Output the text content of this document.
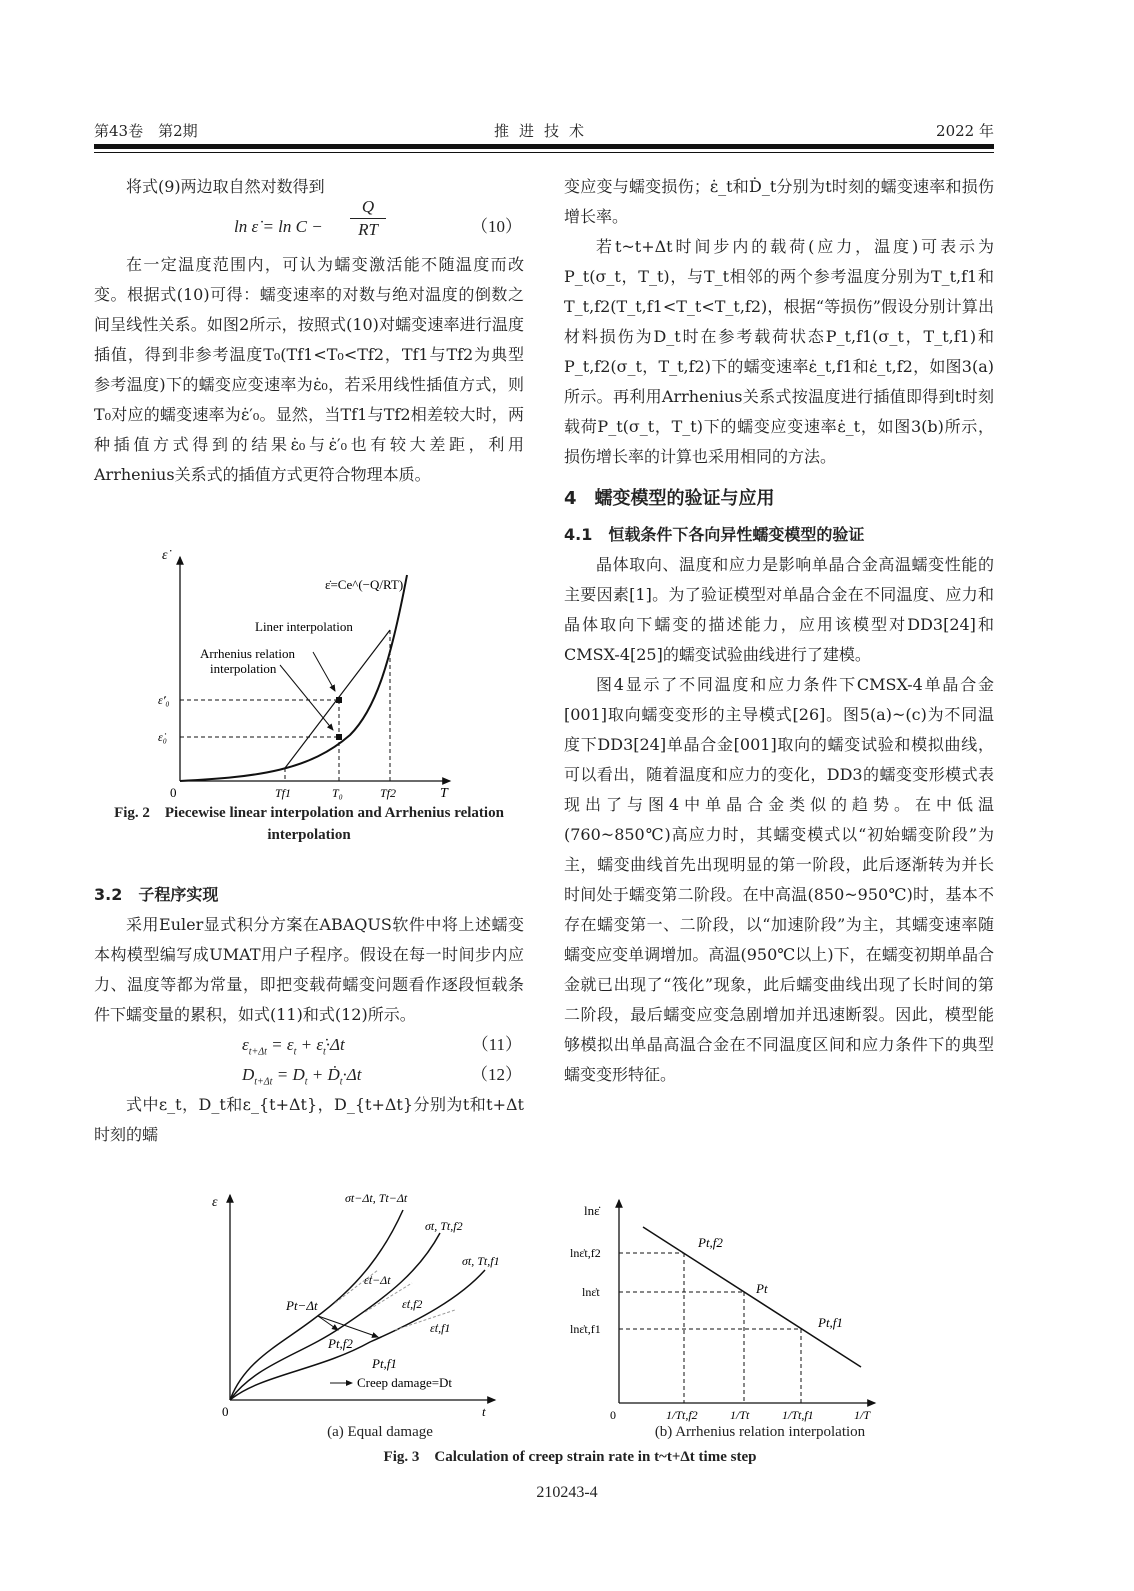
第43卷　第2期	推进技术	2022 年

将式(9)两边取自然对数得到

ln ε̇ = ln C −
Q
RT	（10）

在一定温度范围内，可认为蠕变激活能不随温度而改变。根据式(10)可得：蠕变速率的对数与绝对温度的倒数之间呈线性关系。如图2所示，按照式(10)对蠕变速率进行温度插值，得到非参考温度T₀(Tf1<T₀<Tf2，Tf1与Tf2为典型参考温度)下的蠕变应变速率为ε̇₀，若采用线性插值方式，则T₀对应的蠕变速率为ε̇′₀。显然，当Tf1与Tf2相差较大时，两种插值方式得到的结果ε̇₀与ε̇′₀也有较大差距，利用Arrhenius关系式的插值方式更符合物理本质。

ε̇
T
0
ε̇=Ce^(−Q/RT)
Liner interpolation
Arrhenius relation
interpolation
ε̇′₀
ε̇₀
Tf1	T₀	Tf2
Fig. 2　Piecewise linear interpolation and Arrhenius relation
interpolation

3.2　子程序实现

采用Euler显式积分方案在ABAQUS软件中将上述蠕变本构模型编写成UMAT用户子程序。假设在每一时间步内应力、温度等都为常量，即把变载荷蠕变问题看作逐段恒载条件下蠕变量的累积，如式(11)和式(12)所示。

$\varepsilon_{t+\Delta t} = \varepsilon_t$ + $\varepsiloṅ_t\cdot\Delta t$	（11）
$D_{t+\Delta t} = D_t$ + Ḋ$_t$·Δt	（12）

式中ε_t，D_t和ε_{t+Δt}，D_{t+Δt}分别为t和t+Δt时刻的蠕

变应变与蠕变损伤；ε̇_t和Ḋ_t分别为t时刻的蠕变速率和损伤增长率。

若t~t+Δt时间步内的载荷(应力，温度)可表示为P_t(σ_t，T_t)，与T_t相邻的两个参考温度分别为T_t,f1和T_t,f2(T_t,f1<T_t<T_t,f2)，根据“等损伤”假设分别计算出材料损伤为D_t时在参考载荷状态P_t,f1(σ_t，T_t,f1)和P_t,f2(σ_t，T_t,f2)下的蠕变速率ε̇_t,f1和ε̇_t,f2，如图3(a)所示。再利用Arrhenius关系式按温度进行插值即得到t时刻载荷P_t(σ_t，T_t)下的蠕变应变速率ε̇_t，如图3(b)所示，损伤增长率的计算也采用相同的方法。

4　蠕变模型的验证与应用

4.1　恒载条件下各向异性蠕变模型的验证

晶体取向、温度和应力是影响单晶合金高温蠕变性能的主要因素[1]。为了验证模型对单晶合金在不同温度、应力和晶体取向下蠕变的描述能力，应用该模型对DD3[24]和CMSX-4[25]的蠕变试验曲线进行了建模。

图4显示了不同温度和应力条件下CMSX-4单晶合金[001]取向蠕变变形的主导模式[26]。图5(a)~(c)为不同温度下DD3[24]单晶合金[001]取向的蠕变试验和模拟曲线，可以看出，随着温度和应力的变化，DD3的蠕变变形模式表现出了与图4中单晶合金类似的趋势。在中低温(760~850℃)高应力时，其蠕变模式以“初始蠕变阶段”为主，蠕变曲线首先出现明显的第一阶段，此后逐渐转为并长时间处于蠕变第二阶段。在中高温(850~950℃)时，基本不存在蠕变第一、二阶段，以“加速阶段”为主，其蠕变速率随蠕变应变单调增加。高温(950℃以上)下，在蠕变初期单晶合金就已出现了“筏化”现象，此后蠕变曲线出现了长时间的第二阶段，最后蠕变应变急剧增加并迅速断裂。因此，模型能够模拟出单晶高温合金在不同温度区间和应力条件下的典型蠕变变形特征。

ε
t
0
σt−Δt, Tt−Δt
σt, Tt,f2
σt, Tt,f1
Pt−Δt
Pt,f2
Pt,f1
ε̇t−Δt
ε̇t,f2
ε̇t,f1
Creep damage=Dt
lnε̇
lnε̇t,f2
lnε̇t
lnε̇t,f1
0	1/Tt,f2	1/Tt	1/Tt,f1	1/T
Pt,f2
Pt
Pt,f1
(a) Equal damage	(b) Arrhenius relation interpolation
Fig. 3　Calculation of creep strain rate in t~t+Δt time step
210243-4
